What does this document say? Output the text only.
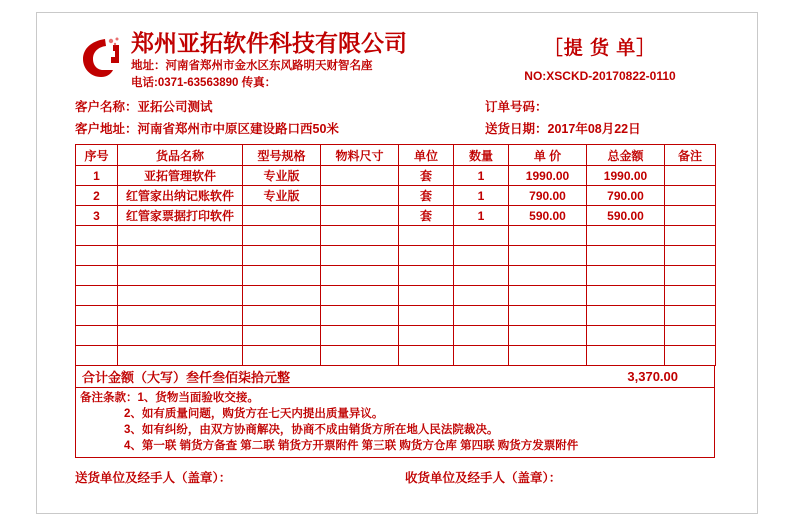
郑州亚拓软件科技有限公司
地址：河南省郑州市金水区东风路明天财智名座
电话:0371-63563890 传真：
［提 货 单］
NO:XSCKD-20170822-0110
客户名称：亚拓公司测试	订单号码：
客户地址：河南省郑州市中原区建设路口西50米	送货日期：2017年08月22日
序号	货品名称	型号规格	物料尺寸	单位	数量	单 价	总金额	备注
1	亚拓管理软件	专业版		套	1	1990.00	1990.00	
2	红管家出纳记账软件	专业版		套	1	790.00	790.00	
3	红管家票据打印软件			套	1	590.00	590.00	

合计金额（大写）叁仟叁佰柒拾元整	3,370.00
备注条款： 1、货物当面验收交接。
2、如有质量问题，购货方在七天内提出质量异议。
3、如有纠纷，由双方协商解决，协商不成由销货方所在地人民法院裁决。
4、第一联 销货方备查 第二联 销货方开票附件 第三联 购货方仓库 第四联 购货方发票附件
送货单位及经手人（盖章）：	收货单位及经手人（盖章）：
